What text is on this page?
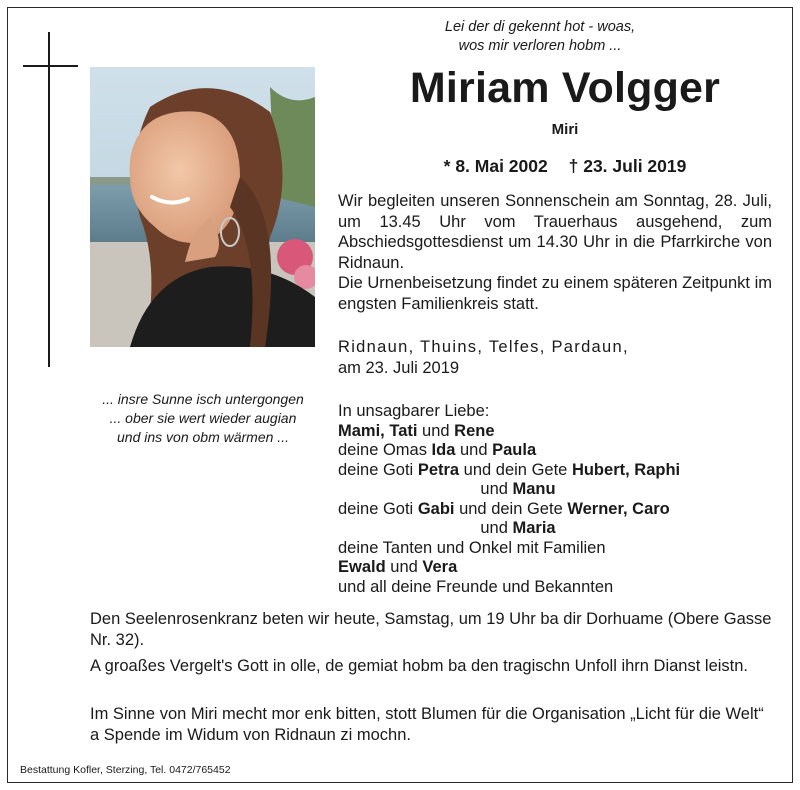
Lei der di gekennt hot - woas,
wos mir verloren hobm ...
... insre Sunne isch untergongen
... ober sie wert wieder augian
und ins von obm wärmen ...
Miriam Volgger
Miri
* 8. Mai 2002 † 23. Juli 2019
Wir begleiten unseren Sonnenschein am Sonntag, 28. Juli, um 13.45 Uhr vom Trauerhaus ausgehend, zum Abschiedsgottesdienst um 14.30 Uhr in die Pfarrkirche von Ridnaun.
Die Urnenbeisetzung findet zu einem späteren Zeitpunkt im engsten Familienkreis statt.
Ridnaun, Thuins, Telfes, Pardaun,
am 23. Juli 2019
In unsagbarer Liebe:
Mami, Tati und Rene
deine Omas Ida und Paula
deine Goti Petra und dein Gete Hubert, Raphi
und Manu
deine Goti Gabi und dein Gete Werner, Caro
und Maria
deine Tanten und Onkel mit Familien
Ewald und Vera
und all deine Freunde und Bekannten
Den Seelenrosenkranz beten wir heute, Samstag, um 19 Uhr ba dir Dorhuame (Obere Gasse Nr. 32).
A groaßes Vergelt's Gott in olle, de gemiat hobm ba den tragischn Unfoll ihrn Dianst leistn.
Im Sinne von Miri mecht mor enk bitten, stott Blumen für die Organisation „Licht für die Welt“ a Spende im Widum von Ridnaun zi mochn.
Bestattung Kofler, Sterzing, Tel. 0472/765452
